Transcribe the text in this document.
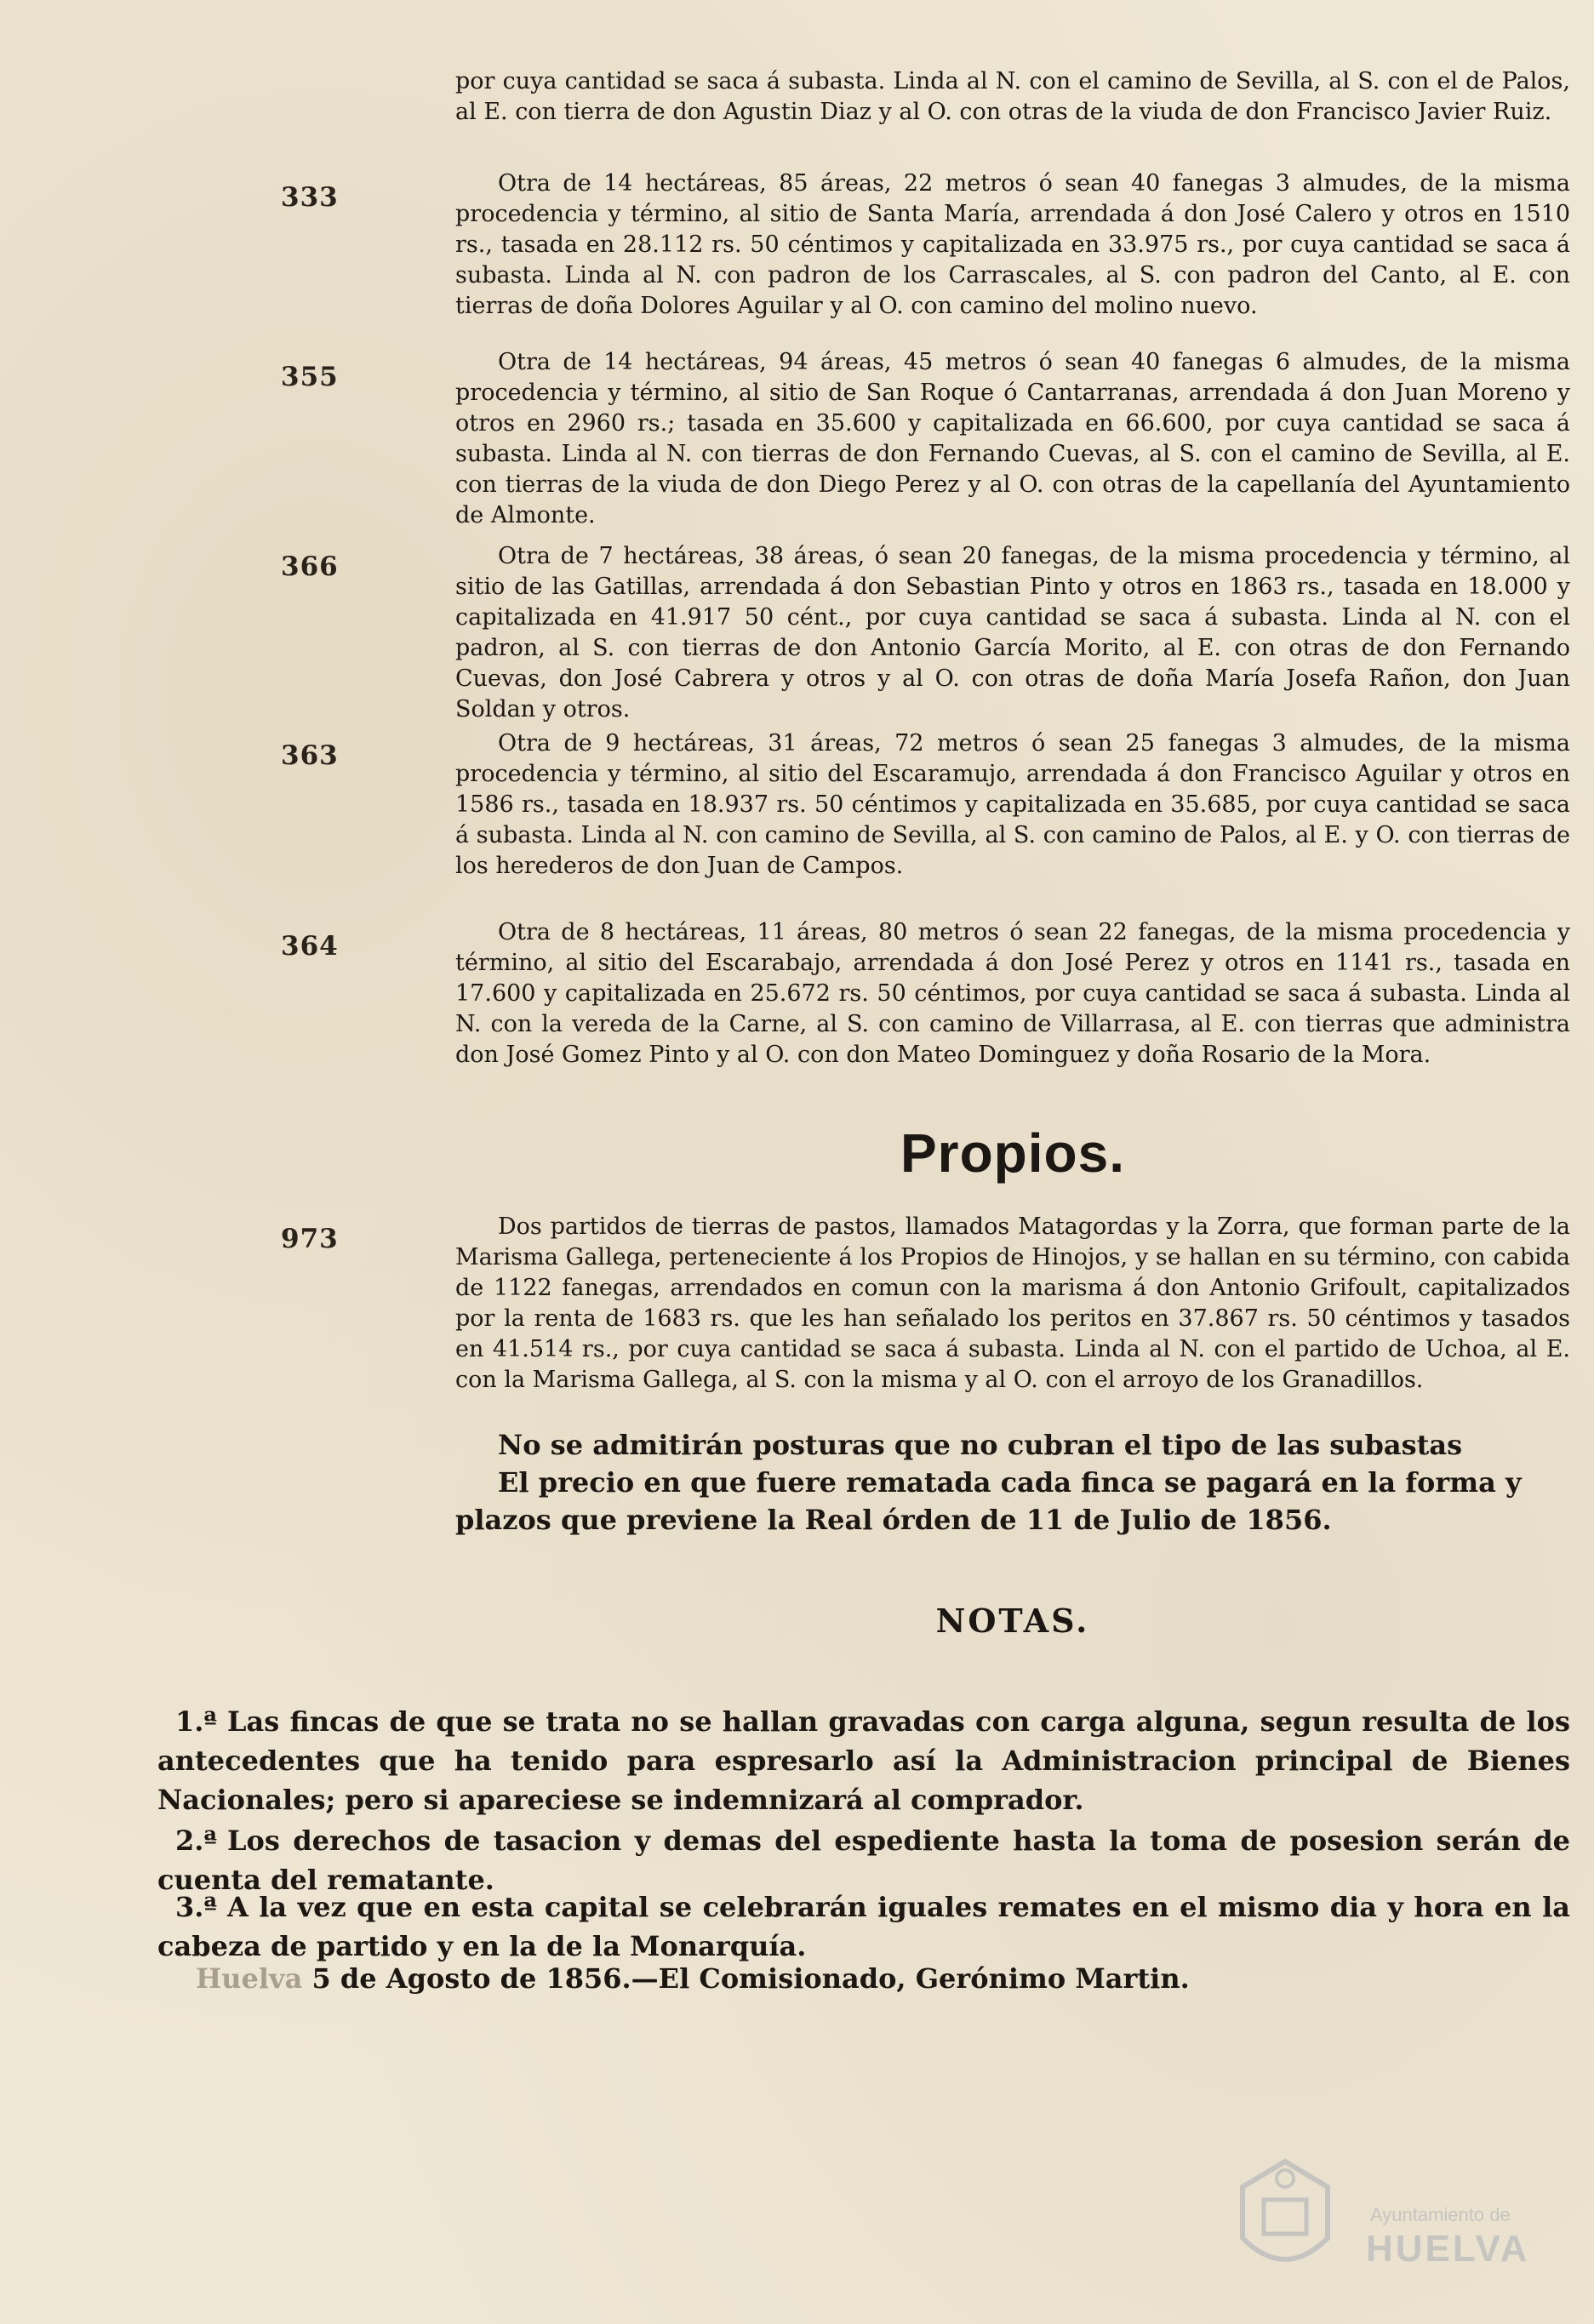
por cuya cantidad se saca á subasta. Linda al N. con el camino de Sevilla, al S. con el de Palos, al E. con tierra de don Agustin Diaz y al O. con otras de la viuda de don Francisco Javier Ruiz.

333	Otra de 14 hectáreas, 85 áreas, 22 metros ó sean 40 fanegas 3 almudes, de la misma procedencia y término, al sitio de Santa María, arrendada á don José Calero y otros en 1510 rs., tasada en 28.112 rs. 50 céntimos y capitalizada en 33.975 rs., por cuya cantidad se saca á subasta. Linda al N. con padron de los Carrascales, al S. con padron del Canto, al E. con tierras de doña Dolores Aguilar y al O. con camino del molino nuevo.

355	Otra de 14 hectáreas, 94 áreas, 45 metros ó sean 40 fanegas 6 almudes, de la misma procedencia y término, al sitio de San Roque ó Cantarranas, arrendada á don Juan Moreno y otros en 2960 rs.; tasada en 35.600 y capitalizada en 66.600, por cuya cantidad se saca á subasta. Linda al N. con tierras de don Fernando Cuevas, al S. con el camino de Sevilla, al E. con tierras de la viuda de don Diego Perez y al O. con otras de la capellanía del Ayuntamiento de Almonte.

366	Otra de 7 hectáreas, 38 áreas, ó sean 20 fanegas, de la misma procedencia y término, al sitio de las Gatillas, arrendada á don Sebastian Pinto y otros en 1863 rs., tasada en 18.000 y capitalizada en 41.917 50 cént., por cuya cantidad se saca á subasta. Linda al N. con el padron, al S. con tierras de don Antonio García Morito, al E. con otras de don Fernando Cuevas, don José Cabrera y otros y al O. con otras de doña María Josefa Rañon, don Juan Soldan y otros.

363	Otra de 9 hectáreas, 31 áreas, 72 metros ó sean 25 fanegas 3 almudes, de la misma procedencia y término, al sitio del Escaramujo, arrendada á don Francisco Aguilar y otros en 1586 rs., tasada en 18.937 rs. 50 céntimos y capitalizada en 35.685, por cuya cantidad se saca á subasta. Linda al N. con camino de Sevilla, al S. con camino de Palos, al E. y O. con tierras de los herederos de don Juan de Campos.

364	Otra de 8 hectáreas, 11 áreas, 80 metros ó sean 22 fanegas, de la misma procedencia y término, al sitio del Escarabajo, arrendada á don José Perez y otros en 1141 rs., tasada en 17.600 y capitalizada en 25.672 rs. 50 céntimos, por cuya cantidad se saca á subasta. Linda al N. con la vereda de la Carne, al S. con camino de Villarrasa, al E. con tierras que administra don José Gomez Pinto y al O. con don Mateo Dominguez y doña Rosario de la Mora.

Propios.
973	Dos partidos de tierras de pastos, llamados Matagordas y la Zorra, que forman parte de la Marisma Gallega, perteneciente á los Propios de Hinojos, y se hallan en su término, con cabida de 1122 fanegas, arrendados en comun con la marisma á don Antonio Grifoult, capitalizados por la renta de 1683 rs. que les han señalado los peritos en 37.867 rs. 50 céntimos y tasados en 41.514 rs., por cuya cantidad se saca á subasta. Linda al N. con el partido de Uchoa, al E. con la Marisma Gallega, al S. con la misma y al O. con el arroyo de los Granadillos.

No se admitirán posturas que no cubran el tipo de las subastas

El precio en que fuere rematada cada finca se pagará en la forma y plazos que previene la Real órden de 11 de Julio de 1856.

NOTAS.

1.ª Las fincas de que se trata no se hallan gravadas con carga alguna, segun resulta de los antecedentes que ha tenido para espresarlo así la Administracion principal de Bienes Nacionales; pero si apareciese se indemnizará al comprador.

2.ª Los derechos de tasacion y demas del espediente hasta la toma de posesion serán de cuenta del rematante.

3.ª A la vez que en esta capital se celebrarán iguales remates en el mismo dia y hora en la cabeza de partido y en la de la Monarquía.

Huelva 5 de Agosto de 1856.—El Comisionado, Gerónimo Martin.
Ayuntamiento de
HUELVA
